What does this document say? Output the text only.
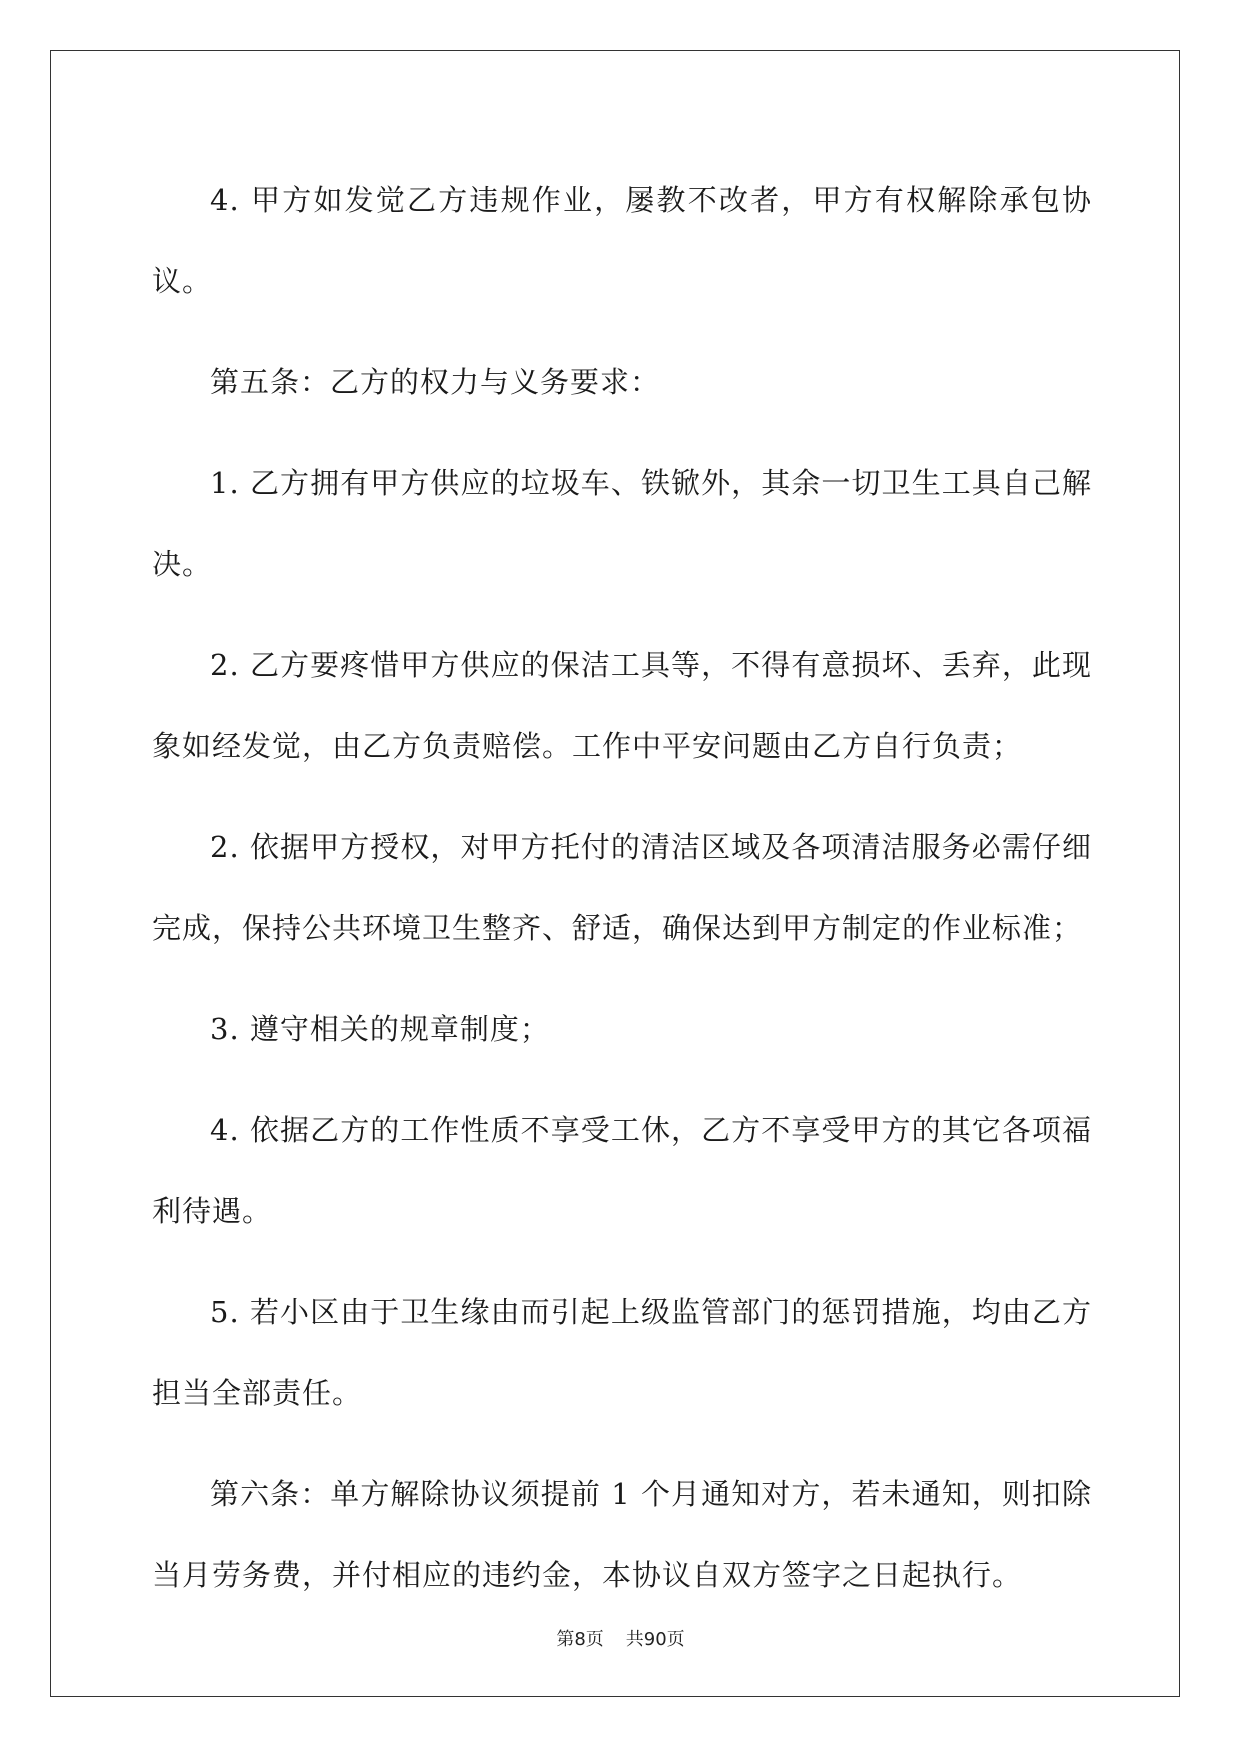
4. 甲方如发觉乙方违规作业，屡教不改者，甲方有权解除承包协议。

第五条：乙方的权力与义务要求：

1. 乙方拥有甲方供应的垃圾车、铁锨外，其余一切卫生工具自己解决。

2. 乙方要疼惜甲方供应的保洁工具等，不得有意损坏、丢弃，此现象如经发觉，由乙方负责赔偿。工作中平安问题由乙方自行负责；

2. 依据甲方授权，对甲方托付的清洁区域及各项清洁服务必需仔细完成，保持公共环境卫生整齐、舒适，确保达到甲方制定的作业标准；

3. 遵守相关的规章制度；

4. 依据乙方的工作性质不享受工休，乙方不享受甲方的其它各项福利待遇。

5. 若小区由于卫生缘由而引起上级监管部门的惩罚措施，均由乙方担当全部责任。

第六条：单方解除协议须提前 1 个月通知对方，若未通知，则扣除当月劳务费，并付相应的违约金，本协议自双方签字之日起执行。

第8页 共90页
